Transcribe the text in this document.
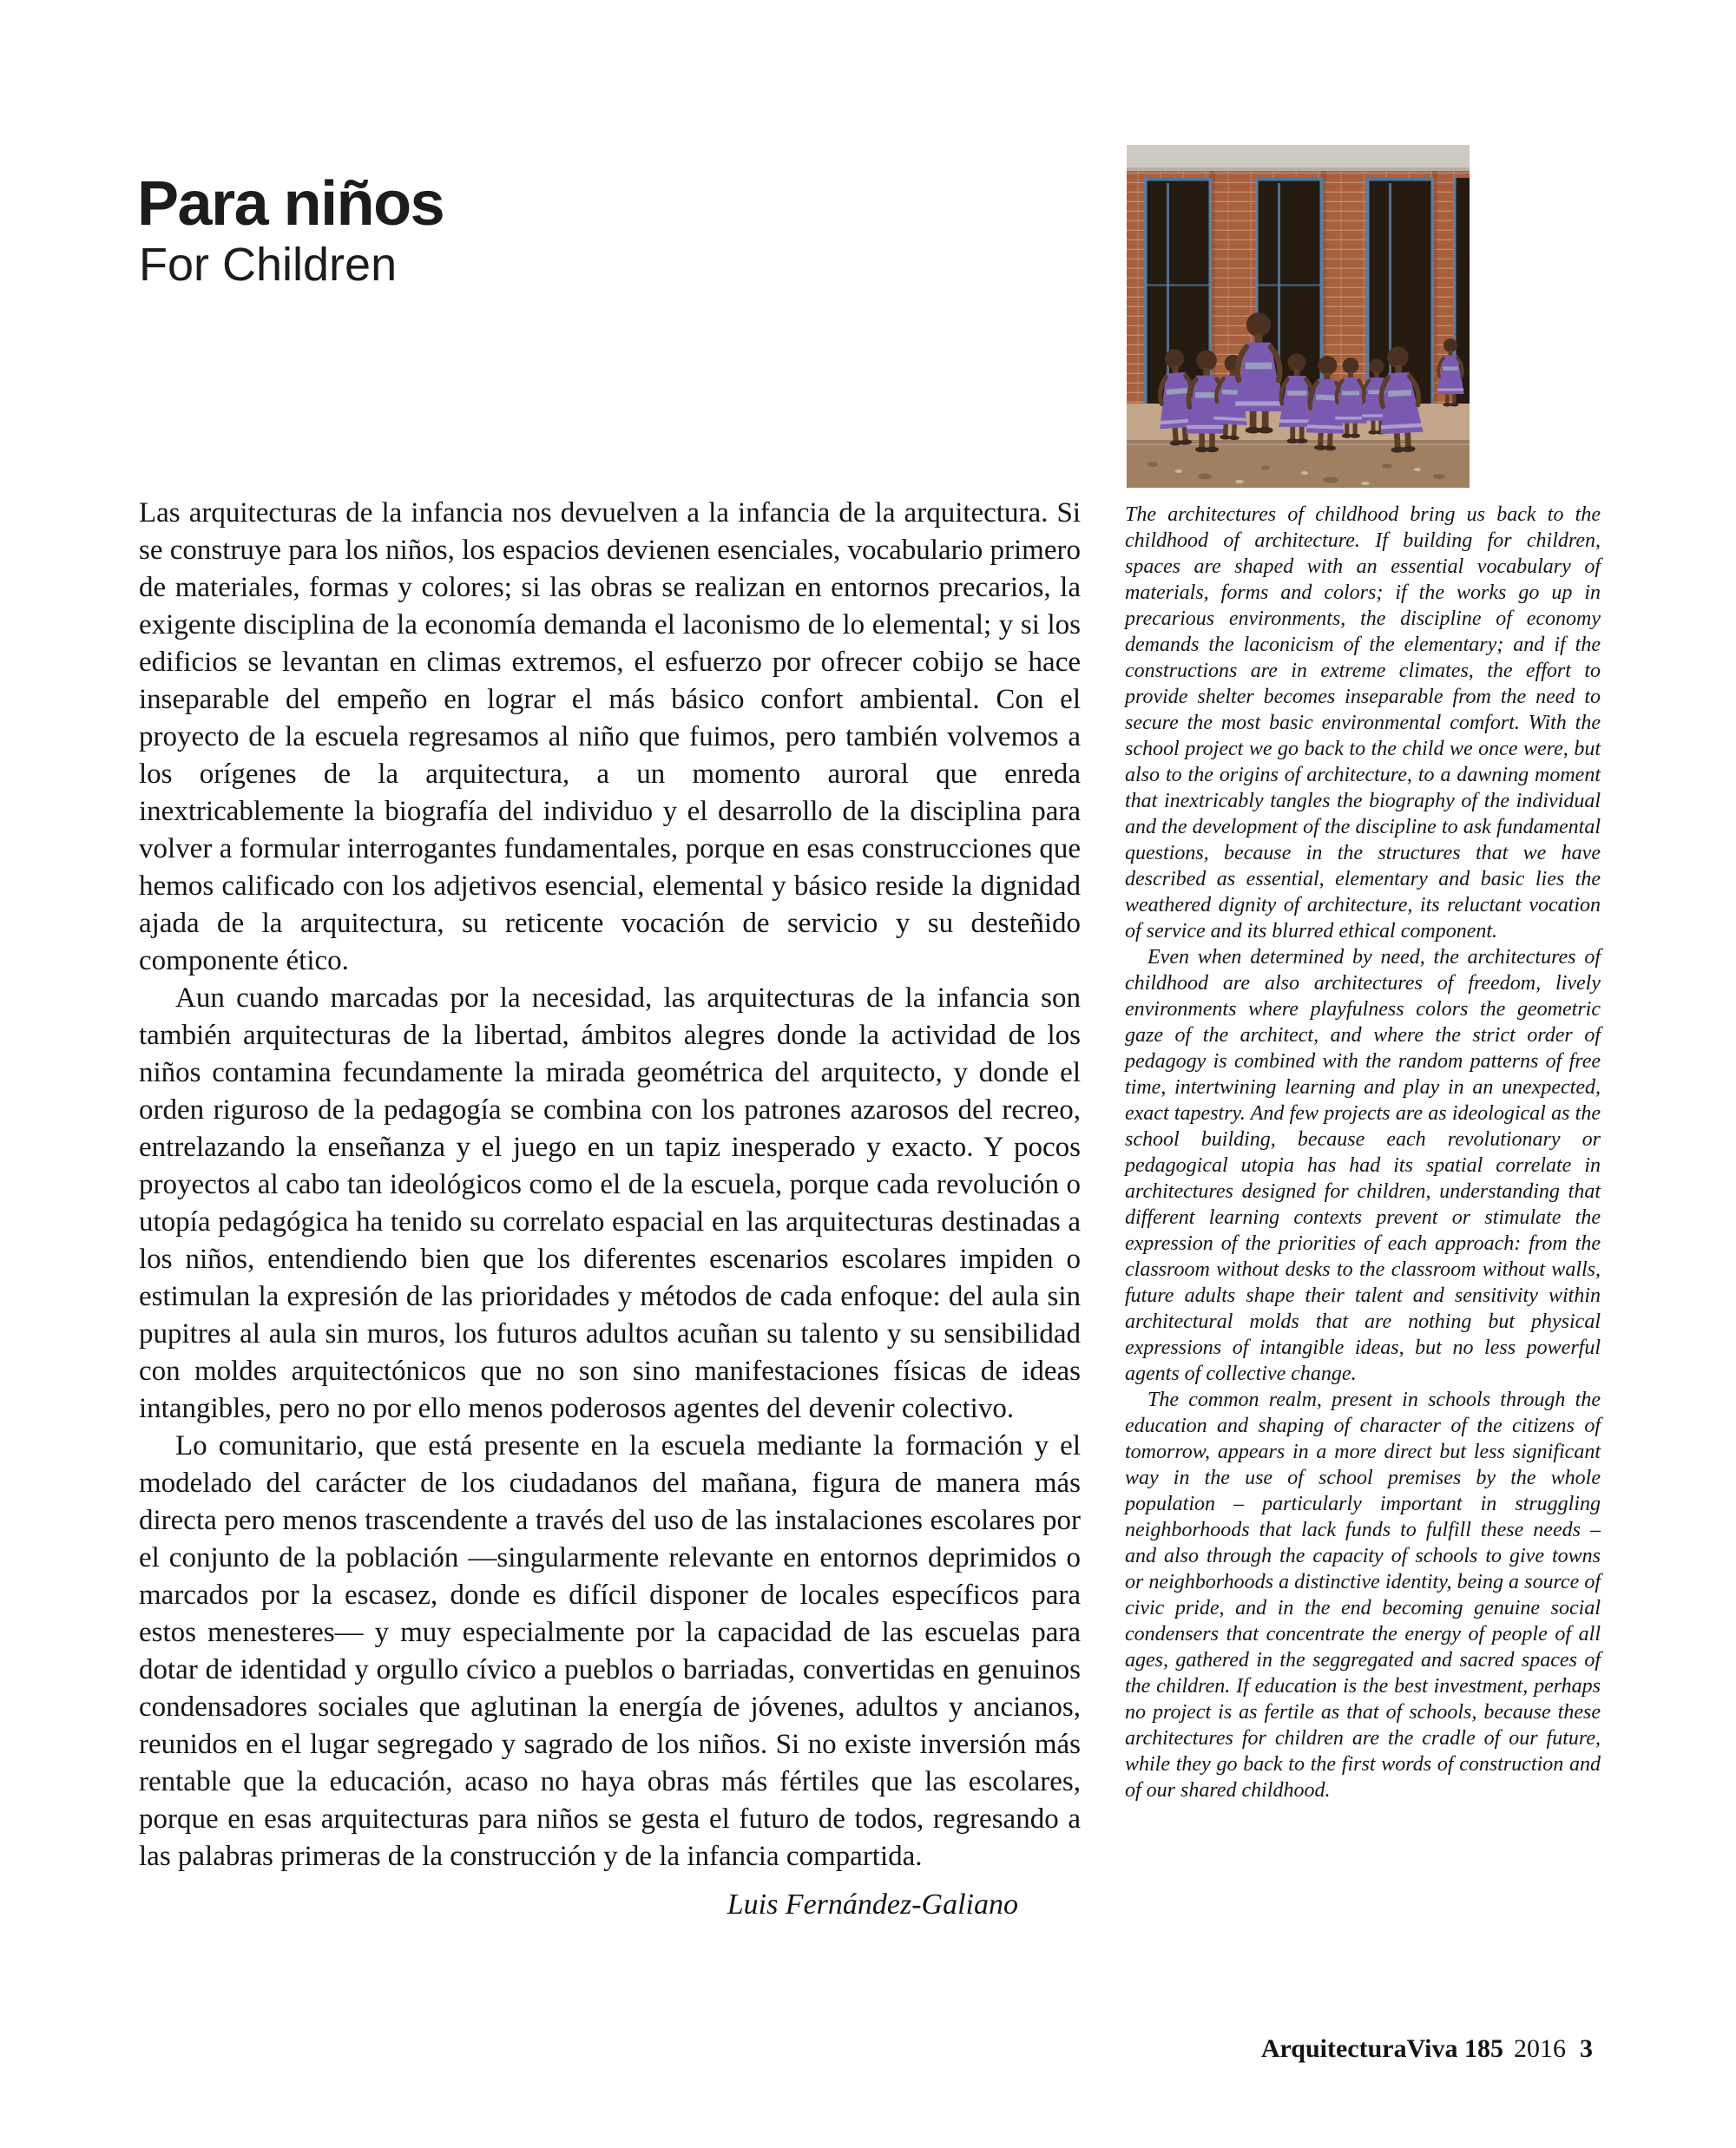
Para niños
For Children

Las arquitecturas de la infancia nos devuelven a la infancia de la arquitectura. Si se construye para los niños, los espacios devienen esenciales, vocabulario primero de materiales, formas y colores; si las obras se realizan en entornos precarios, la exigente disciplina de la economía demanda el laconismo de lo elemental; y si los edificios se levantan en climas extremos, el esfuerzo por ofrecer cobijo se hace inseparable del empeño en lograr el más básico confort ambiental. Con el proyecto de la escuela regresamos al niño que fuimos, pero también volvemos a los orígenes de la arquitectura, a un momento auroral que enreda inextricablemente la biografía del individuo y el desarrollo de la disciplina para volver a formular interrogantes fundamentales, porque en esas construcciones que hemos calificado con los adjetivos esencial, elemental y básico reside la dignidad ajada de la arquitectura, su reticente vocación de servicio y su desteñido componente ético.

Aun cuando marcadas por la necesidad, las arquitecturas de la infancia son también arquitecturas de la libertad, ámbitos alegres donde la actividad de los niños contamina fecundamente la mirada geométrica del arquitecto, y donde el orden riguroso de la pedagogía se combina con los patrones azarosos del recreo, entrelazando la enseñanza y el juego en un tapiz inesperado y exacto. Y pocos proyectos al cabo tan ideológicos como el de la escuela, porque cada revolución o utopía pedagógica ha tenido su correlato espacial en las arquitecturas destinadas a los niños, entendiendo bien que los diferentes escenarios escolares impiden o estimulan la expresión de las prioridades y métodos de cada enfoque: del aula sin pupitres al aula sin muros, los futuros adultos acuñan su talento y su sensibilidad con moldes arquitectónicos que no son sino manifestaciones físicas de ideas intangibles, pero no por ello menos poderosos agentes del devenir colectivo.

Lo comunitario, que está presente en la escuela mediante la formación y el modelado del carácter de los ciudadanos del mañana, figura de manera más directa pero menos trascendente a través del uso de las instalaciones escolares por el conjunto de la población —singularmente relevante en entornos deprimidos o marcados por la escasez, donde es difícil disponer de locales específicos para estos menesteres— y muy especialmente por la capacidad de las escuelas para dotar de identidad y orgullo cívico a pueblos o barriadas, convertidas en genuinos condensadores sociales que aglutinan la energía de jóvenes, adultos y ancianos, reunidos en el lugar segregado y sagrado de los niños. Si no existe inversión más rentable que la educación, acaso no haya obras más fértiles que las escolares, porque en esas arquitecturas para niños se gesta el futuro de todos, regresando a las palabras primeras de la construcción y de la infancia compartida.

Luis Fernández-Galiano

The architectures of childhood bring us back to the childhood of architecture. If building for children, spaces are shaped with an essential vocabulary of materials, forms and colors; if the works go up in precarious environments, the discipline of economy demands the laconicism of the elementary; and if the constructions are in extreme climates, the effort to provide shelter becomes inseparable from the need to secure the most basic environmental comfort. With the school project we go back to the child we once were, but also to the origins of architecture, to a dawning moment that inextricably tangles the biography of the individual and the development of the discipline to ask fundamental questions, because in the structures that we have described as essential, elementary and basic lies the weathered dignity of architecture, its reluctant vocation of service and its blurred ethical component.

Even when determined by need, the architectures of childhood are also architectures of freedom, lively environments where playfulness colors the geometric gaze of the architect, and where the strict order of pedagogy is combined with the random patterns of free time, intertwining learning and play in an unexpected, exact tapestry. And few projects are as ideological as the school building, because each revolutionary or pedagogical utopia has had its spatial correlate in architectures designed for children, understanding that different learning contexts prevent or stimulate the expression of the priorities of each approach: from the classroom without desks to the classroom without walls, future adults shape their talent and sensitivity within architectural molds that are nothing but physical expressions of intangible ideas, but no less powerful agents of collective change.

The common realm, present in schools through the education and shaping of character of the citizens of tomorrow, appears in a more direct but less significant way in the use of school premises by the whole population – particularly important in struggling neighborhoods that lack funds to fulfill these needs – and also through the capacity of schools to give towns or neighborhoods a distinctive identity, being a source of civic pride, and in the end becoming genuine social condensers that concentrate the energy of people of all ages, gathered in the seggregated and sacred spaces of the children. If education is the best investment, perhaps no project is as fertile as that of schools, because these architectures for children are the cradle of our future, while they go back to the first words of construction and of our shared childhood.

ArquitecturaViva 185 2016 3
